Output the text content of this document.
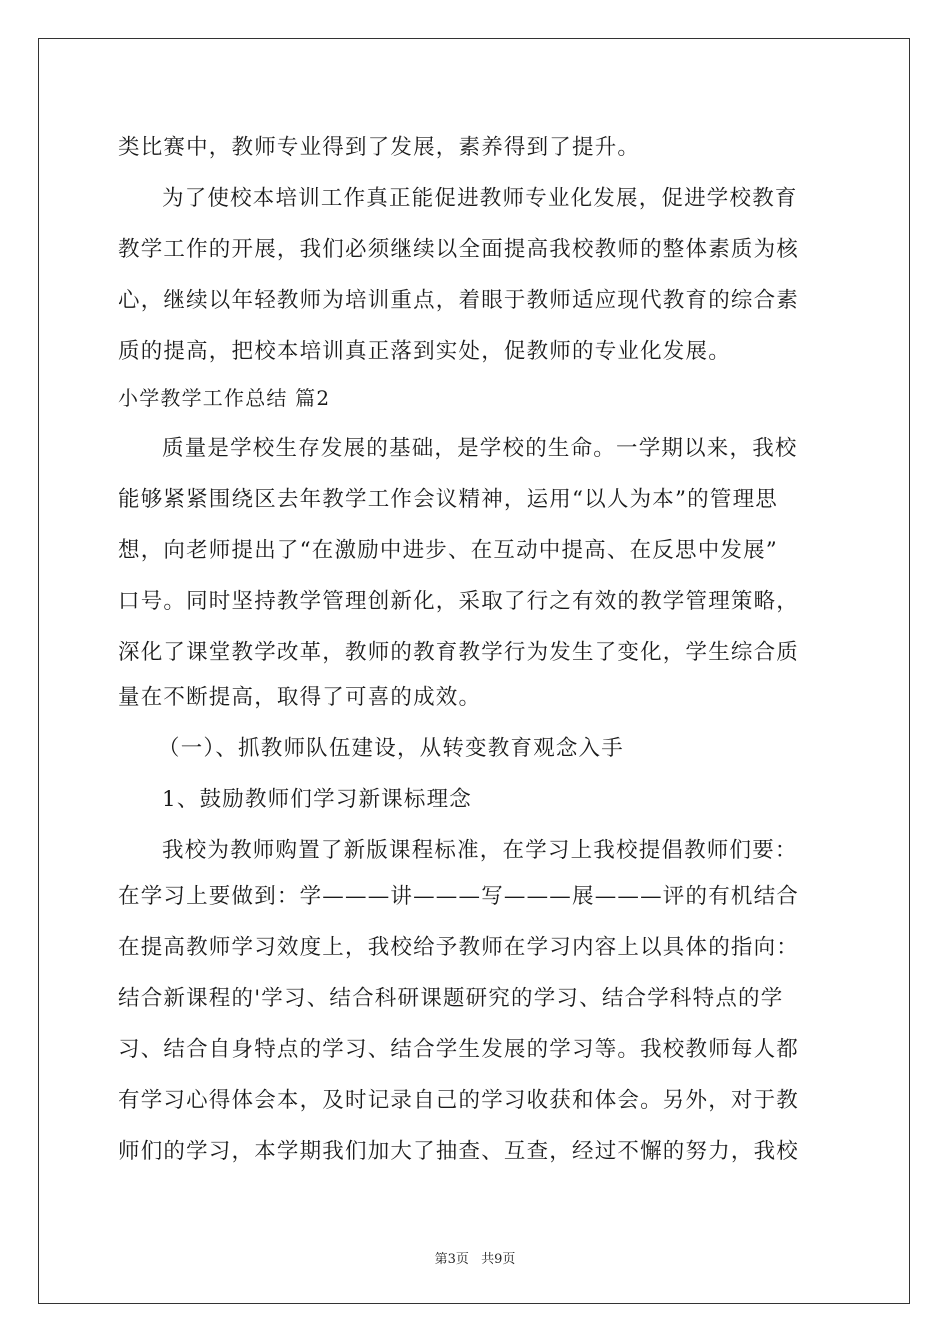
类比赛中，教师专业得到了发展，素养得到了提升。
为了使校本培训工作真正能促进教师专业化发展，促进学校教育
教学工作的开展，我们必须继续以全面提高我校教师的整体素质为核
心，继续以年轻教师为培训重点，着眼于教师适应现代教育的综合素
质的提高，把校本培训真正落到实处，促教师的专业化发展。
小学教学工作总结 篇2
质量是学校生存发展的基础，是学校的生命。一学期以来，我校
能够紧紧围绕区去年教学工作会议精神，运用“以人为本”的管理思
想，向老师提出了“在激励中进步、在互动中提高、在反思中发展”
口号。同时坚持教学管理创新化，采取了行之有效的教学管理策略，
深化了课堂教学改革，教师的教育教学行为发生了变化，学生综合质
量在不断提高，取得了可喜的成效。
（一）、抓教师队伍建设，从转变教育观念入手
1、鼓励教师们学习新课标理念
我校为教师购置了新版课程标准，在学习上我校提倡教师们要：
在学习上要做到：学———讲———写———展———评的有机结合
在提高教师学习效度上，我校给予教师在学习内容上以具体的指向：
结合新课程的'学习、结合科研课题研究的学习、结合学科特点的学
习、结合自身特点的学习、结合学生发展的学习等。我校教师每人都
有学习心得体会本，及时记录自己的学习收获和体会。另外，对于教
师们的学习，本学期我们加大了抽查、互查，经过不懈的努力，我校
第3页 共9页
